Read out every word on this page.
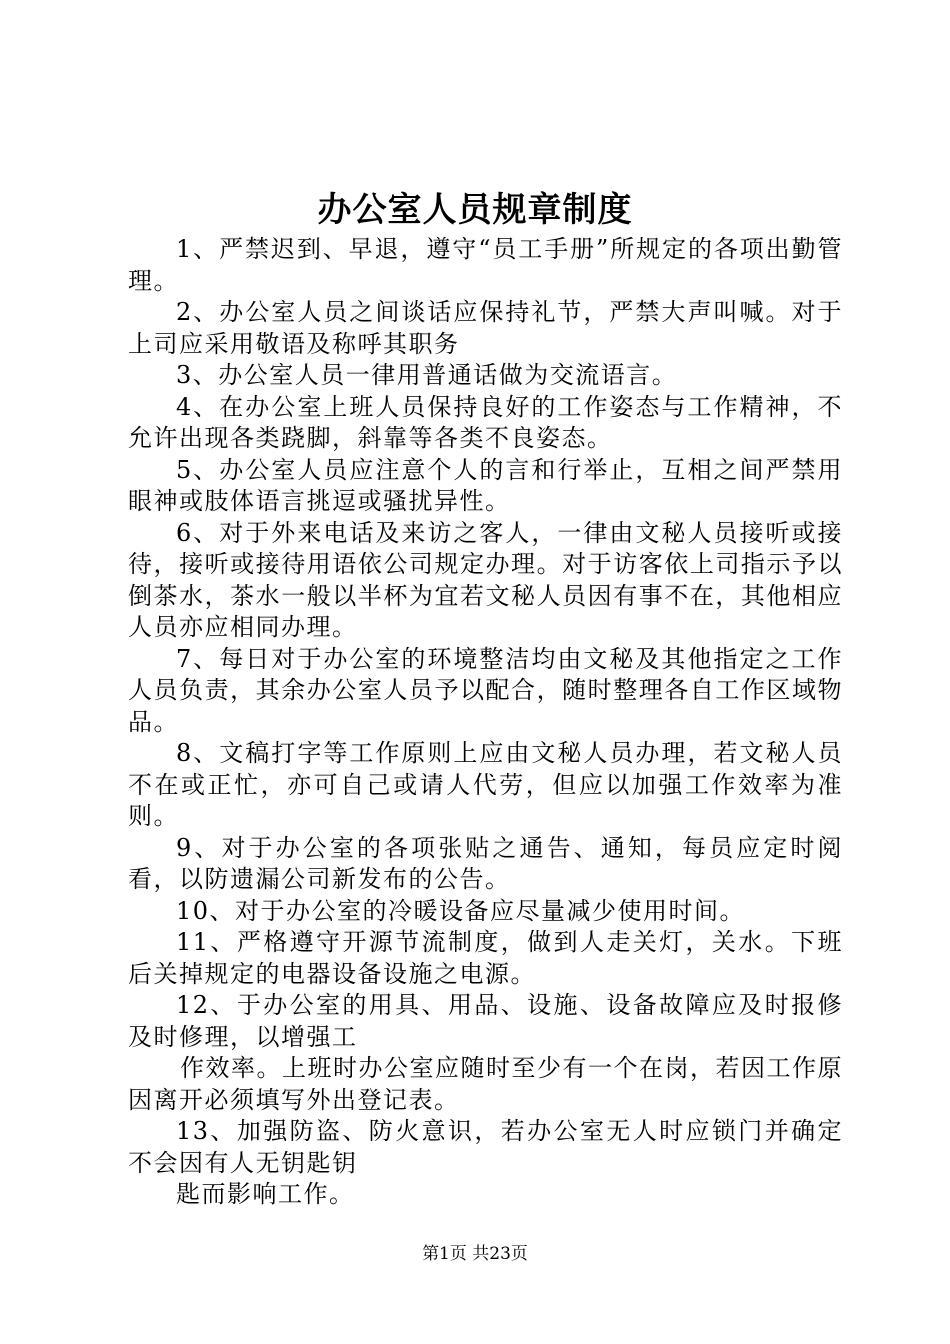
办公室人员规章制度

1、严禁迟到、早退，遵守“员工手册”所规定的各项出勤管理。

2、办公室人员之间谈话应保持礼节，严禁大声叫喊。对于上司应采用敬语及称呼其职务

3、办公室人员一律用普通话做为交流语言。

4、在办公室上班人员保持良好的工作姿态与工作精神，不允许出现各类跷脚，斜靠等各类不良姿态。

5、办公室人员应注意个人的言和行举止，互相之间严禁用眼神或肢体语言挑逗或骚扰异性。

6、对于外来电话及来访之客人，一律由文秘人员接听或接待，接听或接待用语依公司规定办理。对于访客依上司指示予以倒茶水，茶水一般以半杯为宜若文秘人员因有事不在，其他相应人员亦应相同办理。

7、每日对于办公室的环境整洁均由文秘及其他指定之工作人员负责，其余办公室人员予以配合，随时整理各自工作区域物品。

8、文稿打字等工作原则上应由文秘人员办理，若文秘人员不在或正忙，亦可自己或请人代劳，但应以加强工作效率为准则。

9、对于办公室的各项张贴之通告、通知，每员应定时阅看，以防遗漏公司新发布的公告。

10、对于办公室的冷暖设备应尽量减少使用时间。

11、严格遵守开源节流制度，做到人走关灯，关水。下班后关掉规定的电器设备设施之电源。

12、于办公室的用具、用品、设施、设备故障应及时报修及时修理，以增强工

作效率。上班时办公室应随时至少有一个在岗，若因工作原因离开必须填写外出登记表。

13、加强防盗、防火意识，若办公室无人时应锁门并确定不会因有人无钥匙钥

匙而影响工作。

第1页 共23页
